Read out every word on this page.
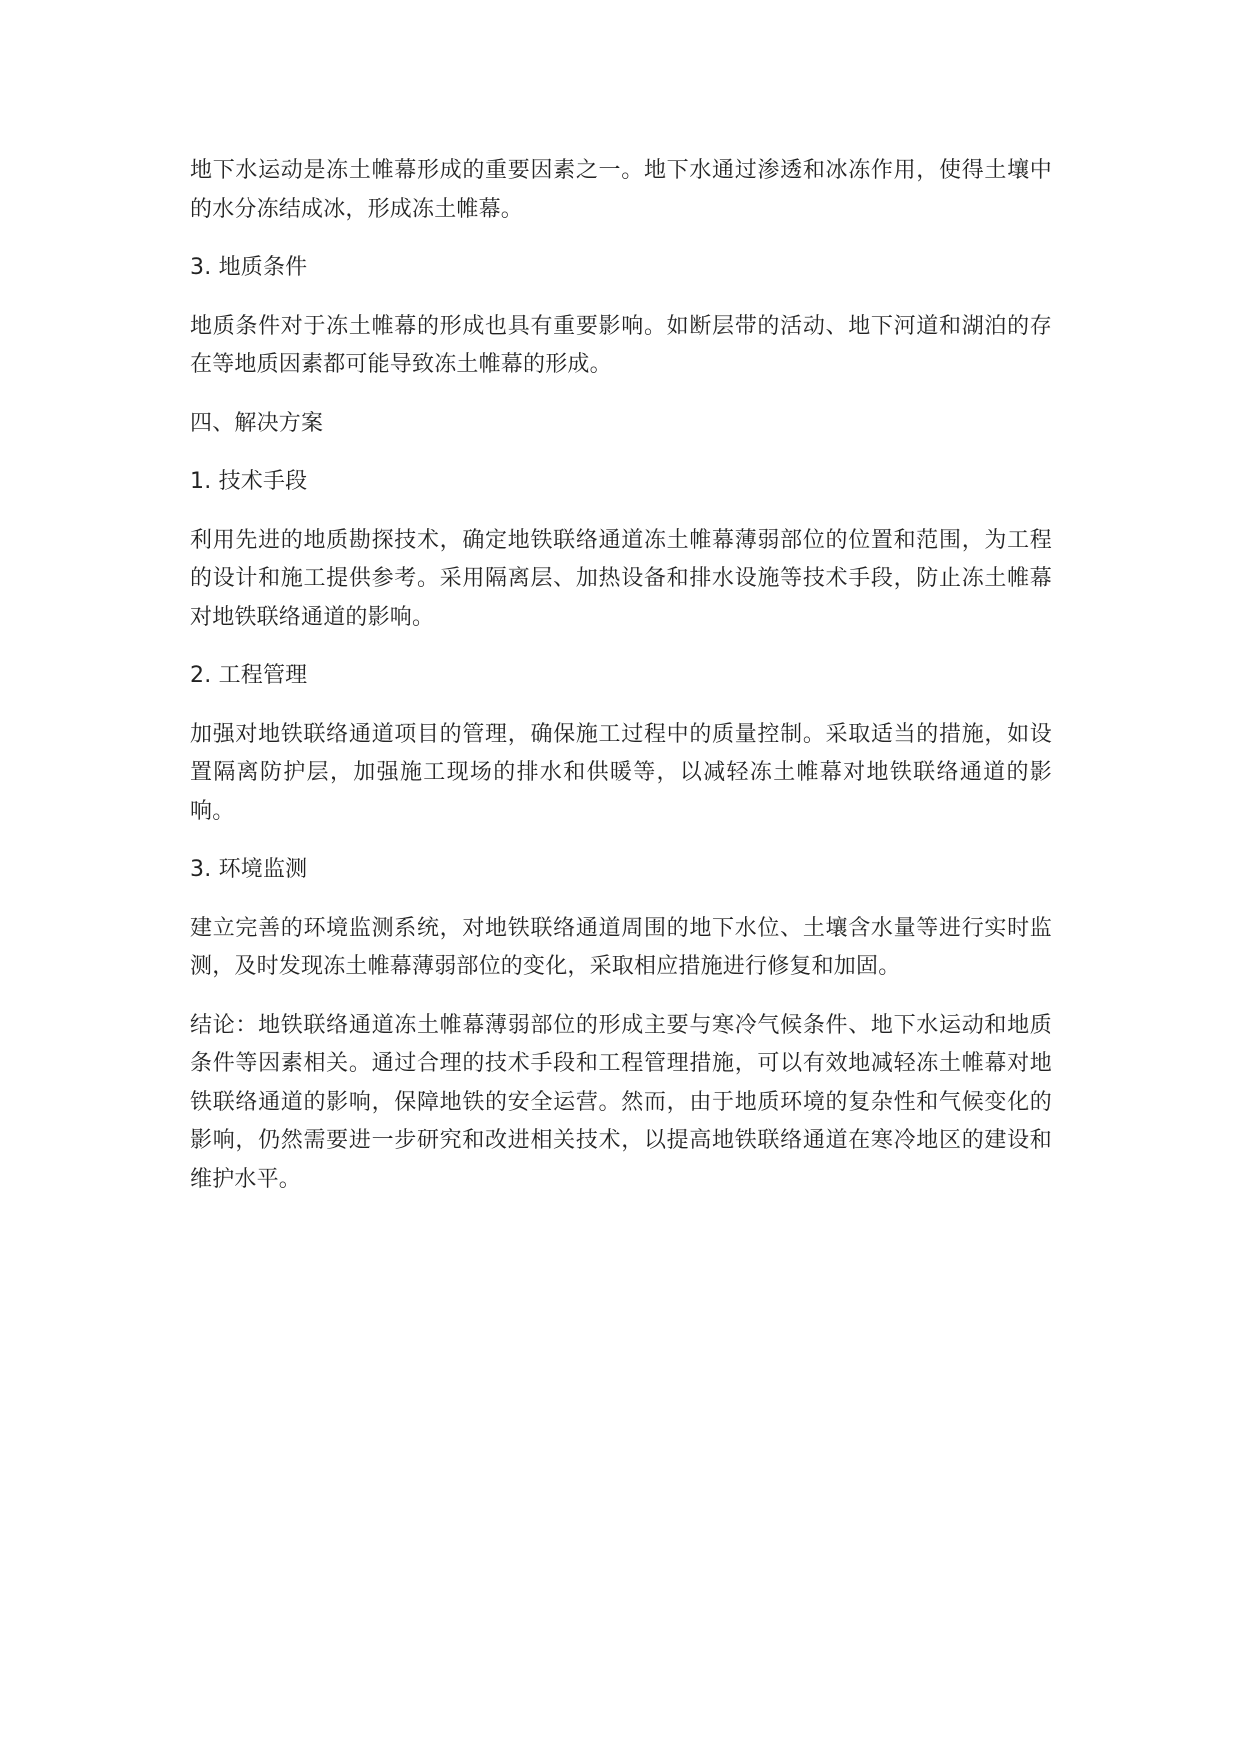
地下水运动是冻土帷幕形成的重要因素之一。地下水通过渗透和冰冻作用，使得土壤中的水分冻结成冰，形成冻土帷幕。

3. 地质条件

地质条件对于冻土帷幕的形成也具有重要影响。如断层带的活动、地下河道和湖泊的存在等地质因素都可能导致冻土帷幕的形成。

四、解决方案

1. 技术手段

利用先进的地质勘探技术，确定地铁联络通道冻土帷幕薄弱部位的位置和范围，为工程的设计和施工提供参考。采用隔离层、加热设备和排水设施等技术手段，防止冻土帷幕对地铁联络通道的影响。

2. 工程管理

加强对地铁联络通道项目的管理，确保施工过程中的质量控制。采取适当的措施，如设置隔离防护层，加强施工现场的排水和供暖等，以减轻冻土帷幕对地铁联络通道的影响。

3. 环境监测

建立完善的环境监测系统，对地铁联络通道周围的地下水位、土壤含水量等进行实时监测，及时发现冻土帷幕薄弱部位的变化，采取相应措施进行修复和加固。

结论：地铁联络通道冻土帷幕薄弱部位的形成主要与寒冷气候条件、地下水运动和地质条件等因素相关。通过合理的技术手段和工程管理措施，可以有效地减轻冻土帷幕对地铁联络通道的影响，保障地铁的安全运营。然而，由于地质环境的复杂性和气候变化的影响，仍然需要进一步研究和改进相关技术，以提高地铁联络通道在寒冷地区的建设和维护水平。
